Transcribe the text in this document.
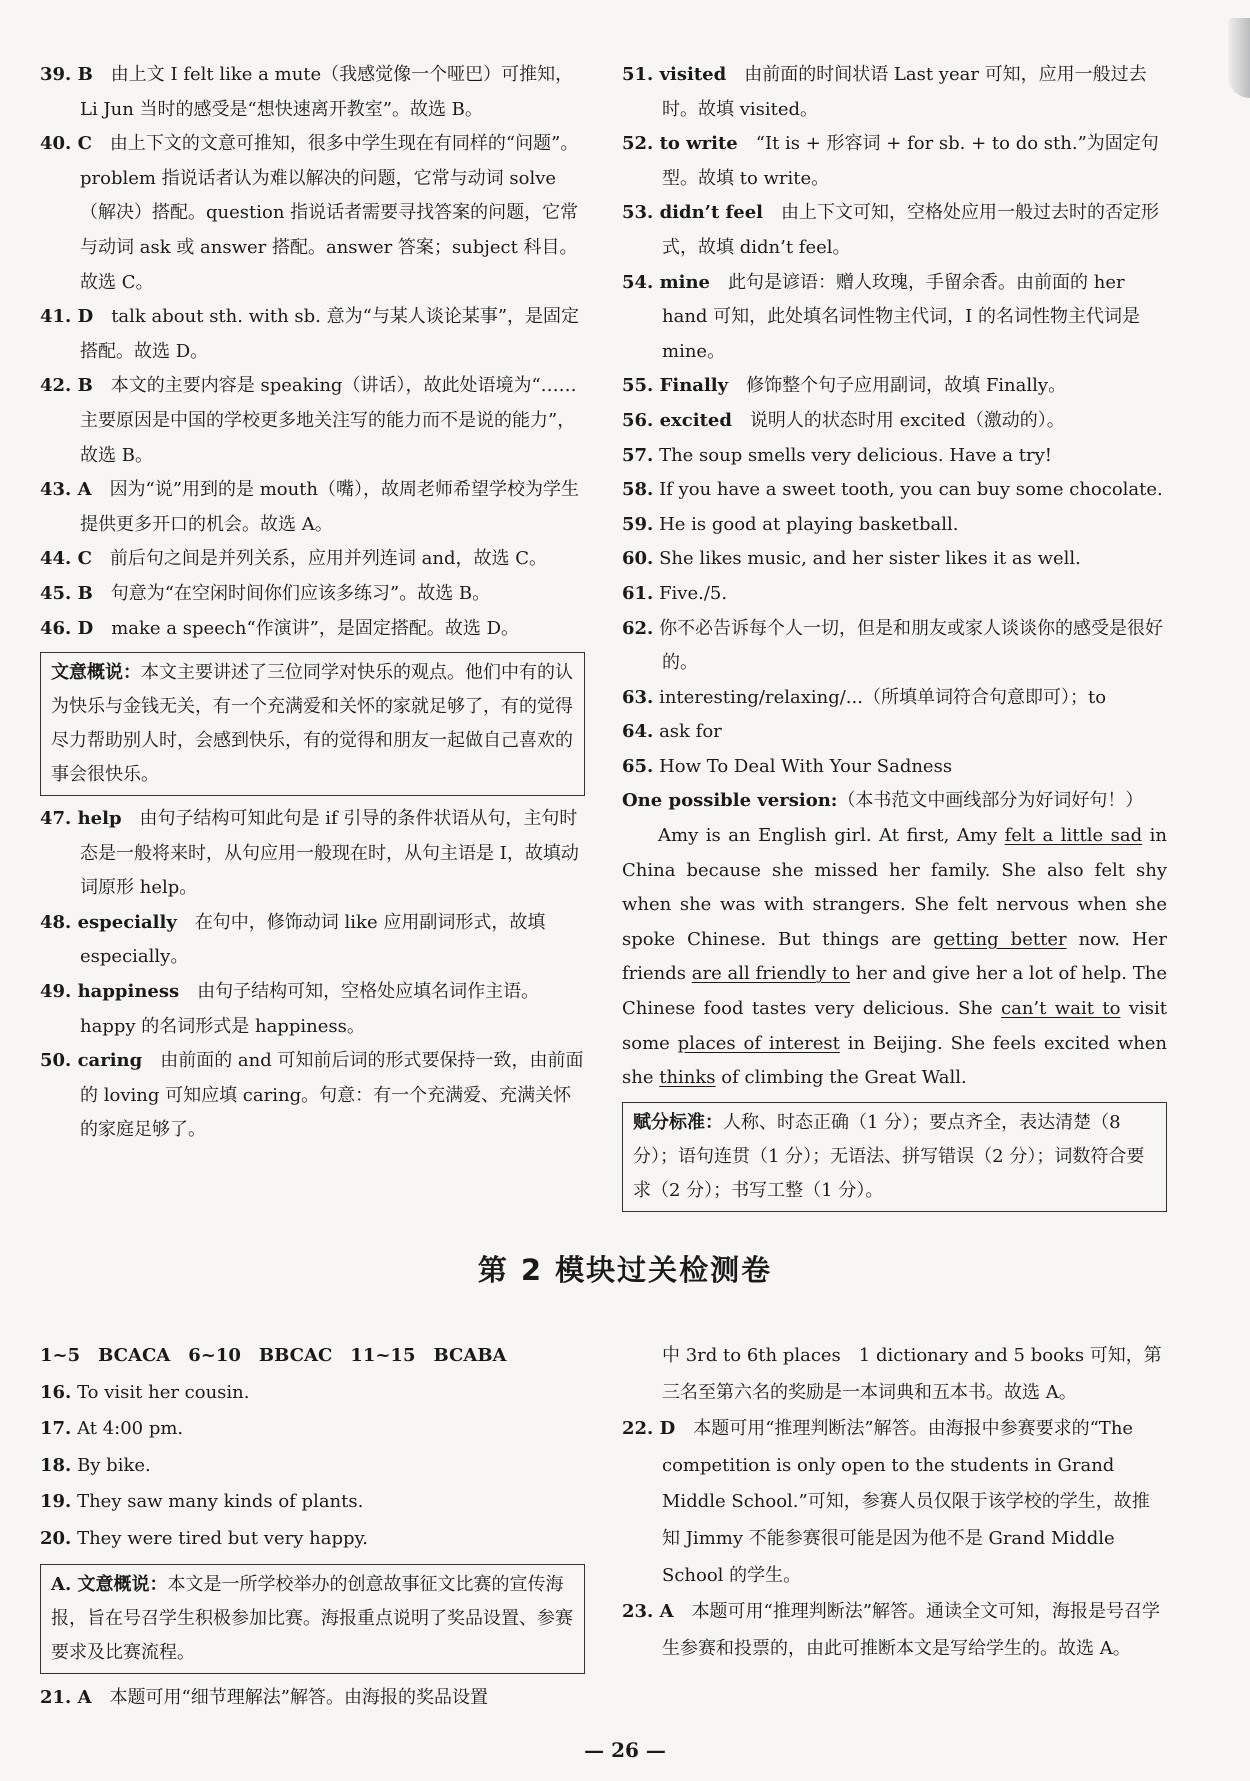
39. B　 由上文 I felt like a mute（我感觉像一个哑巴）可推知，Li Jun 当时的感受是“想快速离开教室”。故选 B。

40. C　 由上下文的文意可推知，很多中学生现在有同样的“问题”。problem 指说话者认为难以解决的问题，它常与动词 solve（解决）搭配。question 指说话者需要寻找答案的问题，它常与动词 ask 或 answer 搭配。answer 答案；subject 科目。故选 C。

41. D　 talk about sth. with sb. 意为“与某人谈论某事”，是固定搭配。故选 D。

42. B　 本文的主要内容是 speaking（讲话），故此处语境为“……主要原因是中国的学校更多地关注写的能力而不是说的能力”，故选 B。

43. A　 因为“说”用到的是 mouth（嘴），故周老师希望学校为学生提供更多开口的机会。故选 A。

44. C　 前后句之间是并列关系，应用并列连词 and，故选 C。

45. B　 句意为“在空闲时间你们应该多练习”。故选 B。

46. D　 make a speech“作演讲”，是固定搭配。故选 D。

文意概说：本文主要讲述了三位同学对快乐的观点。他们中有的认为快乐与金钱无关，有一个充满爱和关怀的家就足够了，有的觉得尽力帮助别人时，会感到快乐，有的觉得和朋友一起做自己喜欢的事会很快乐。

47. help　 由句子结构可知此句是 if 引导的条件状语从句，主句时态是一般将来时，从句应用一般现在时，从句主语是 I，故填动词原形 help。

48. especially　 在句中，修饰动词 like 应用副词形式，故填 especially。

49. happiness　 由句子结构可知，空格处应填名词作主语。happy 的名词形式是 happiness。

50. caring　 由前面的 and 可知前后词的形式要保持一致，由前面的 loving 可知应填 caring。句意：有一个充满爱、充满关怀的家庭足够了。

51. visited　 由前面的时间状语 Last year 可知，应用一般过去时。故填 visited。

52. to write　 “It is + 形容词 + for sb. + to do sth.”为固定句型。故填 to write。

53. didn’t feel　 由上下文可知，空格处应用一般过去时的否定形式，故填 didn’t feel。

54. mine　 此句是谚语：赠人玫瑰，手留余香。由前面的 her hand 可知，此处填名词性物主代词，I 的名词性物主代词是 mine。

55. Finally　 修饰整个句子应用副词，故填 Finally。

56. excited　 说明人的状态时用 excited（激动的）。

57. The soup smells very delicious. Have a try!

58. If you have a sweet tooth, you can buy some chocolate.

59. He is good at playing basketball.

60. She likes music, and her sister likes it as well.

61. Five./5.

62. 你不必告诉每个人一切，但是和朋友或家人谈谈你的感受是很好的。

63. interesting/relaxing/...（所填单词符合句意即可）；to

64. ask for

65. How To Deal With Your Sadness

One possible version:（本书范文中画线部分为好词好句！）

Amy is an English girl. At first, Amy felt a little sad in China because she missed her family. She also felt shy when she was with strangers. She felt nervous when she spoke Chinese. But things are getting better now. Her friends are all friendly to her and give her a lot of help. The Chinese food tastes very delicious. She can’t wait to visit some places of interest in Beijing. She feels excited when she thinks of climbing the Great Wall.

赋分标准：人称、时态正确（1 分）；要点齐全，表达清楚（8 分）；语句连贯（1 分）；无语法、拼写错误（2 分）；词数符合要求（2 分）；书写工整（1 分）。
第 2 模块过关检测卷

1~5　BCACA　6~10　BBCAC　11~15　BCABA

16. To visit her cousin.

17. At 4:00 pm.

18. By bike.

19. They saw many kinds of plants.

20. They were tired but very happy.

A. 文意概说：本文是一所学校举办的创意故事征文比赛的宣传海报，旨在号召学生积极参加比赛。海报重点说明了奖品设置、参赛要求及比赛流程。

21. A　 本题可用“细节理解法”解答。由海报的奖品设置

中 3rd to 6th places　1 dictionary and 5 books 可知，第三名至第六名的奖励是一本词典和五本书。故选 A。

22. D　 本题可用“推理判断法”解答。由海报中参赛要求的“The competition is only open to the students in Grand Middle School.”可知，参赛人员仅限于该学校的学生，故推知 Jimmy 不能参赛很可能是因为他不是 Grand Middle School 的学生。

23. A　 本题可用“推理判断法”解答。通读全文可知，海报是号召学生参赛和投票的，由此可推断本文是写给学生的。故选 A。

— 26 —
